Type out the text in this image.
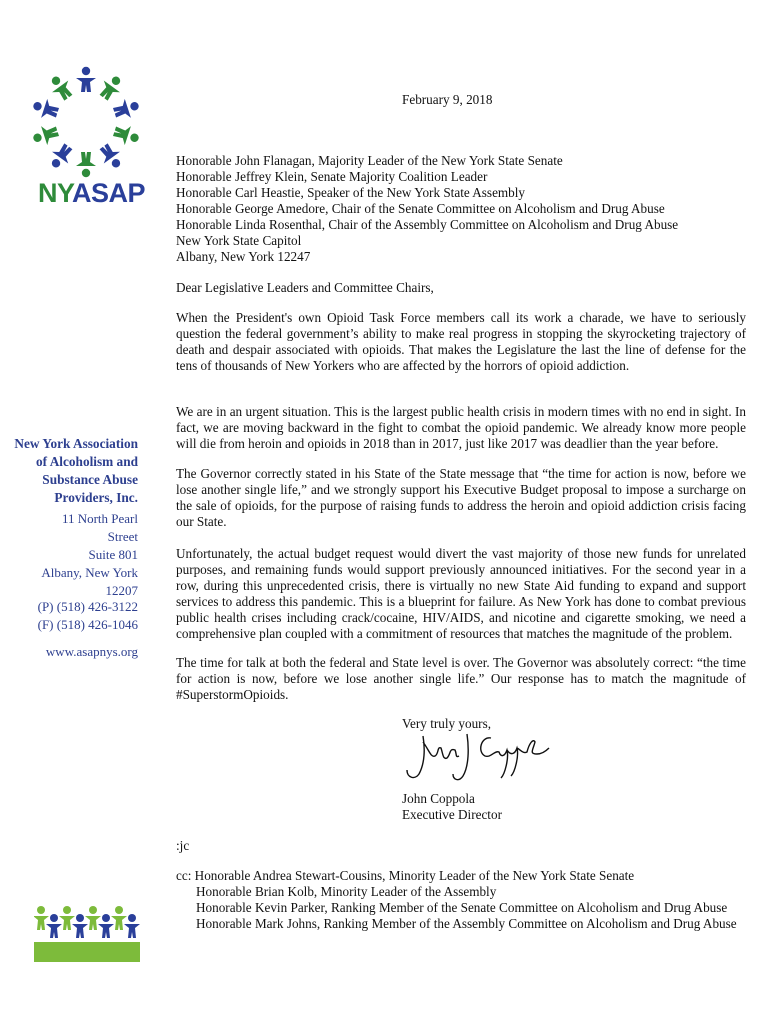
NYASAP
New York Association
of Alcoholism and
Substance Abuse
Providers, Inc.
11 North Pearl
Street
Suite 801
Albany, New York
12207
(P) (518) 426-3122
(F) (518) 426-1046
www.asapnys.org
February 9, 2018
Honorable John Flanagan, Majority Leader of the New York State Senate
Honorable Jeffrey Klein, Senate Majority Coalition Leader
Honorable Carl Heastie, Speaker of the New York State Assembly
Honorable George Amedore, Chair of the Senate Committee on Alcoholism and Drug Abuse
Honorable Linda Rosenthal, Chair of the Assembly Committee on Alcoholism and Drug Abuse
New York State Capitol
Albany, New York 12247
Dear Legislative Leaders and Committee Chairs,
When the President's own Opioid Task Force members call its work a charade, we have to seriously question the federal government’s ability to make real progress in stopping the skyrocketing trajectory of death and despair associated with opioids. That makes the Legislature the last the line of defense for the tens of thousands of New Yorkers who are affected by the horrors of opioid addiction.
We are in an urgent situation. This is the largest public health crisis in modern times with no end in sight. In fact, we are moving backward in the fight to combat the opioid pandemic. We already know more people will die from heroin and opioids in 2018 than in 2017, just like 2017 was deadlier than the year before.
The Governor correctly stated in his State of the State message that “the time for action is now, before we lose another single life,” and we strongly support his Executive Budget proposal to impose a surcharge on the sale of opioids, for the purpose of raising funds to address the heroin and opioid addiction crisis facing our State.
Unfortunately, the actual budget request would divert the vast majority of those new funds for unrelated purposes, and remaining funds would support previously announced initiatives. For the second year in a row, during this unprecedented crisis, there is virtually no new State Aid funding to expand and support services to address this pandemic. This is a blueprint for failure. As New York has done to combat previous public health crises including crack/cocaine, HIV/AIDS, and nicotine and cigarette smoking, we need a comprehensive plan coupled with a commitment of resources that matches the magnitude of the problem.
The time for talk at both the federal and State level is over. The Governor was absolutely correct: “the time for action is now, before we lose another single life.” Our response has to match the magnitude of #SuperstormOpioids.
Very truly yours,
John Coppola
Executive Director
:jc
cc: Honorable Andrea Stewart-Cousins, Minority Leader of the New York State Senate
Honorable Brian Kolb, Minority Leader of the Assembly
Honorable Kevin Parker, Ranking Member of the Senate Committee on Alcoholism and Drug Abuse
Honorable Mark Johns, Ranking Member of the Assembly Committee on Alcoholism and Drug Abuse
